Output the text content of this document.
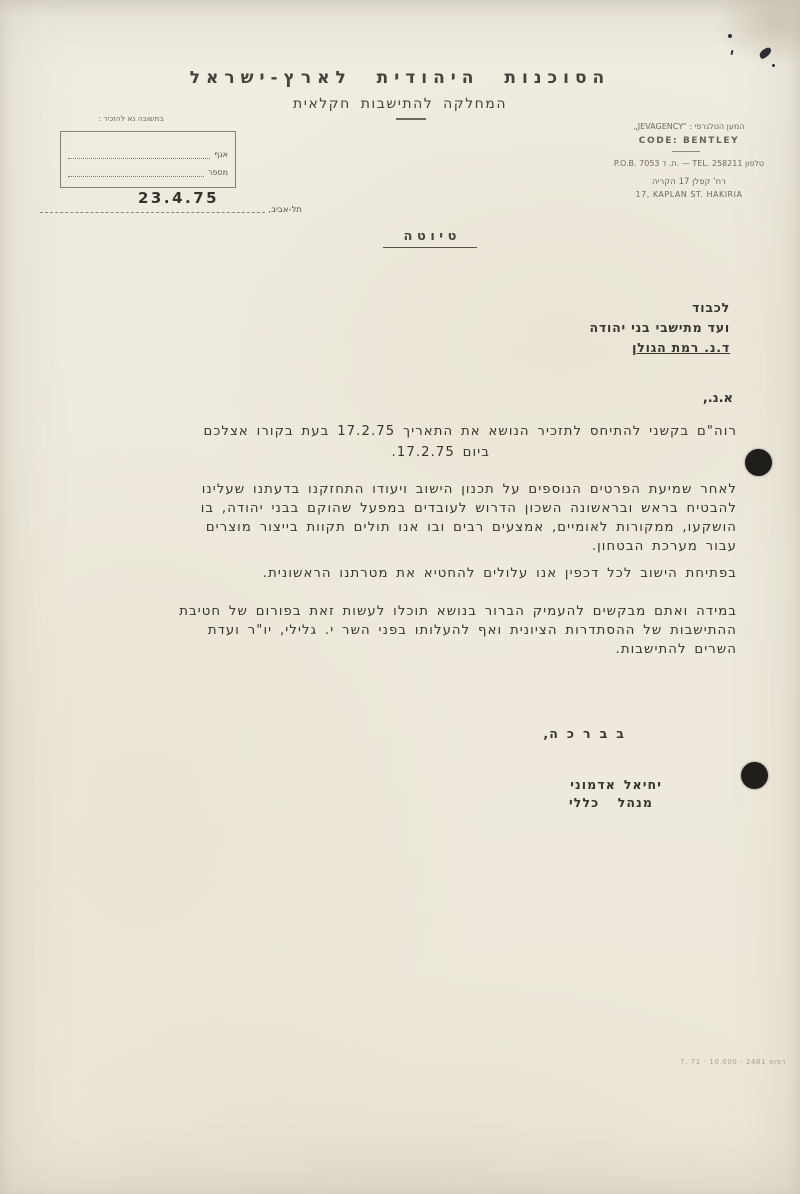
הסוכנות היהודית לארץ-ישראל
המחלקה להתישבות חקלאית
„JEVAGENCY“ : המען הטלגרפי
CODE: BENTLEY
P.O.B. 7053 ת. ד. — TEL. 258211 טלפון
רח' קפלן 17 הקריה
17, KAPLAN ST. HAKIRIA
בתשובה נא להזכיר :
אגף
מספר
23.4.75
תל-אביב,
ט י ו ט ה
לכבוד
ועד מתישבי בני יהודה
ד.נ. רמת הגולן
א.נ.,
רוה"ם בקשני להתיחס לתזכיר הנושא את התאריך 17.2.75 בעת בקורו אצלכם
ביום 17.2.75.
לאחר שמיעת הפרטים הנוספים על תכנון הישוב ויעודו התחזקנו בדעתנו שעלינו
להבטיח בראש ובראשונה השכון הדרוש לעובדים במפעל שהוקם בבני יהודה, בו
הושקעו, ממקורות לאומיים, אמצעים רבים ובו אנו תולים תקוות בייצור מוצרים
עבור מערכת הבטחון.
בפתיחת הישוב לכל דכפין אנו עלולים להחטיא את מטרתנו הראשונית.
במידה ואתם מבקשים להעמיק הברור בנושא תוכלו לעשות זאת בפורום של חטיבת
ההתישבות של ההסתדרות הציונית ואף להעלותו בפני השר י. גלילי, יו"ר ועדת
השרים להתישבות.
ב ב ר כ ה,
יחיאל אדמוני
מנהל כללי
7. 71 · 10.000 · 2481 דפוס
